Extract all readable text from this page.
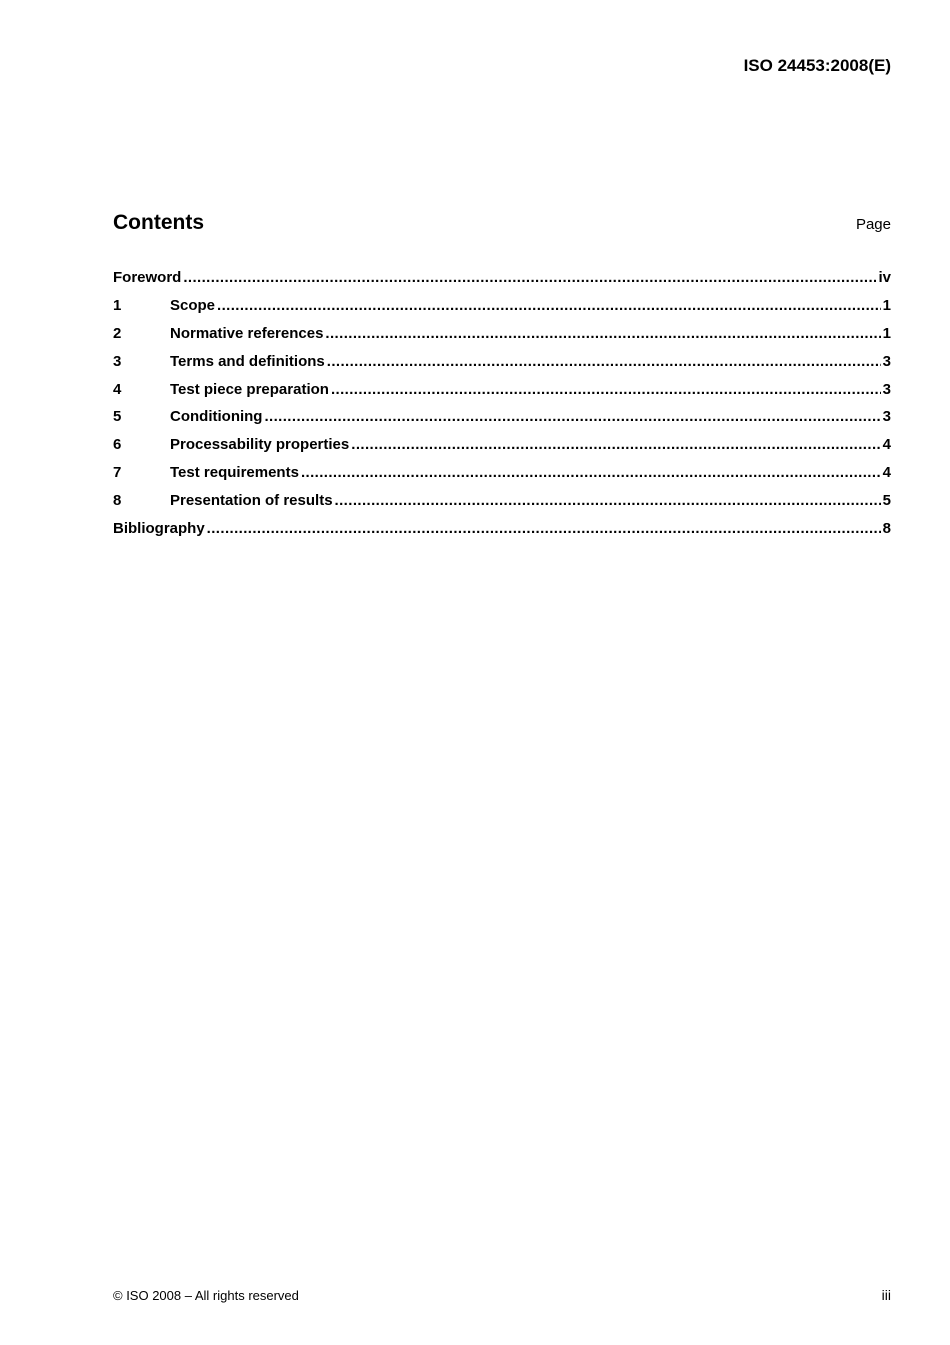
ISO 24453:2008(E)
Contents	Page
Foreword .....	iv
1	Scope .....	1
2	Normative references .....	1
3	Terms and definitions .....	3
4	Test piece preparation .....	3
5	Conditioning .....	3
6	Processability properties .....	4
7	Test requirements .....	4
8	Presentation of results .....	5
Bibliography .....	8
© ISO 2008 – All rights reserved	iii
